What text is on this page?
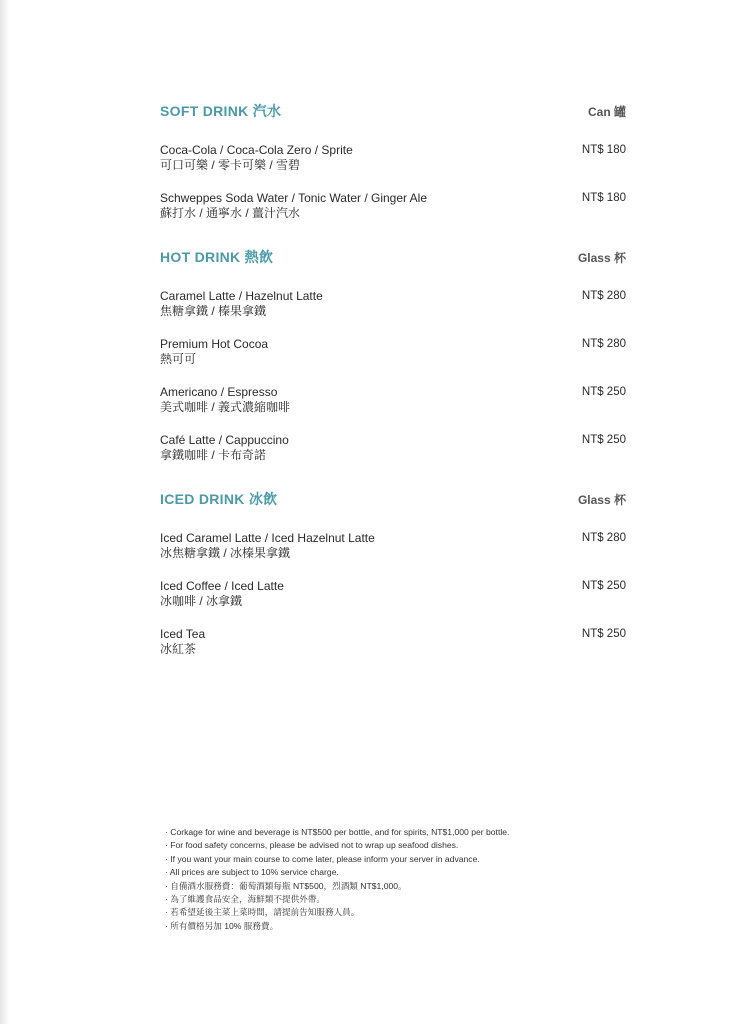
SOFT DRINK 汽水	Can 罐
Coca-Cola / Coca-Cola Zero / Sprite
可口可樂 / 零卡可樂 / 雪碧
NT$ 180
Schweppes Soda Water / Tonic Water / Ginger Ale
蘇打水 / 通寧水 / 薑汁汽水
NT$ 180
HOT DRINK 熱飲	Glass 杯
Caramel Latte / Hazelnut Latte
焦糖拿鐵 / 榛果拿鐵
NT$ 280
Premium Hot Cocoa
熱可可
NT$ 280
Americano / Espresso
美式咖啡 / 義式濃縮咖啡
NT$ 250
Café Latte / Cappuccino
拿鐵咖啡 / 卡布奇諾
NT$ 250
ICED DRINK 冰飲	Glass 杯
Iced Caramel Latte / Iced Hazelnut Latte
冰焦糖拿鐵 / 冰榛果拿鐵
NT$ 280
Iced Coffee / Iced Latte
冰咖啡 / 冰拿鐵
NT$ 250
Iced Tea
冰紅茶
NT$ 250
· Corkage for wine and beverage is NT$500 per bottle, and for spirits, NT$1,000 per bottle.
· For food safety concerns, please be advised not to wrap up seafood dishes.
· If you want your main course to come later, please inform your server in advance.
· All prices are subject to 10% service charge.
· 自備酒水服務費：葡萄酒類每瓶 NT$500，烈酒類 NT$1,000。
· 為了維護食品安全，海鮮類不提供外帶。
· 若希望延後主菜上菜時間，請提前告知服務人員。
· 所有價格另加 10% 服務費。
